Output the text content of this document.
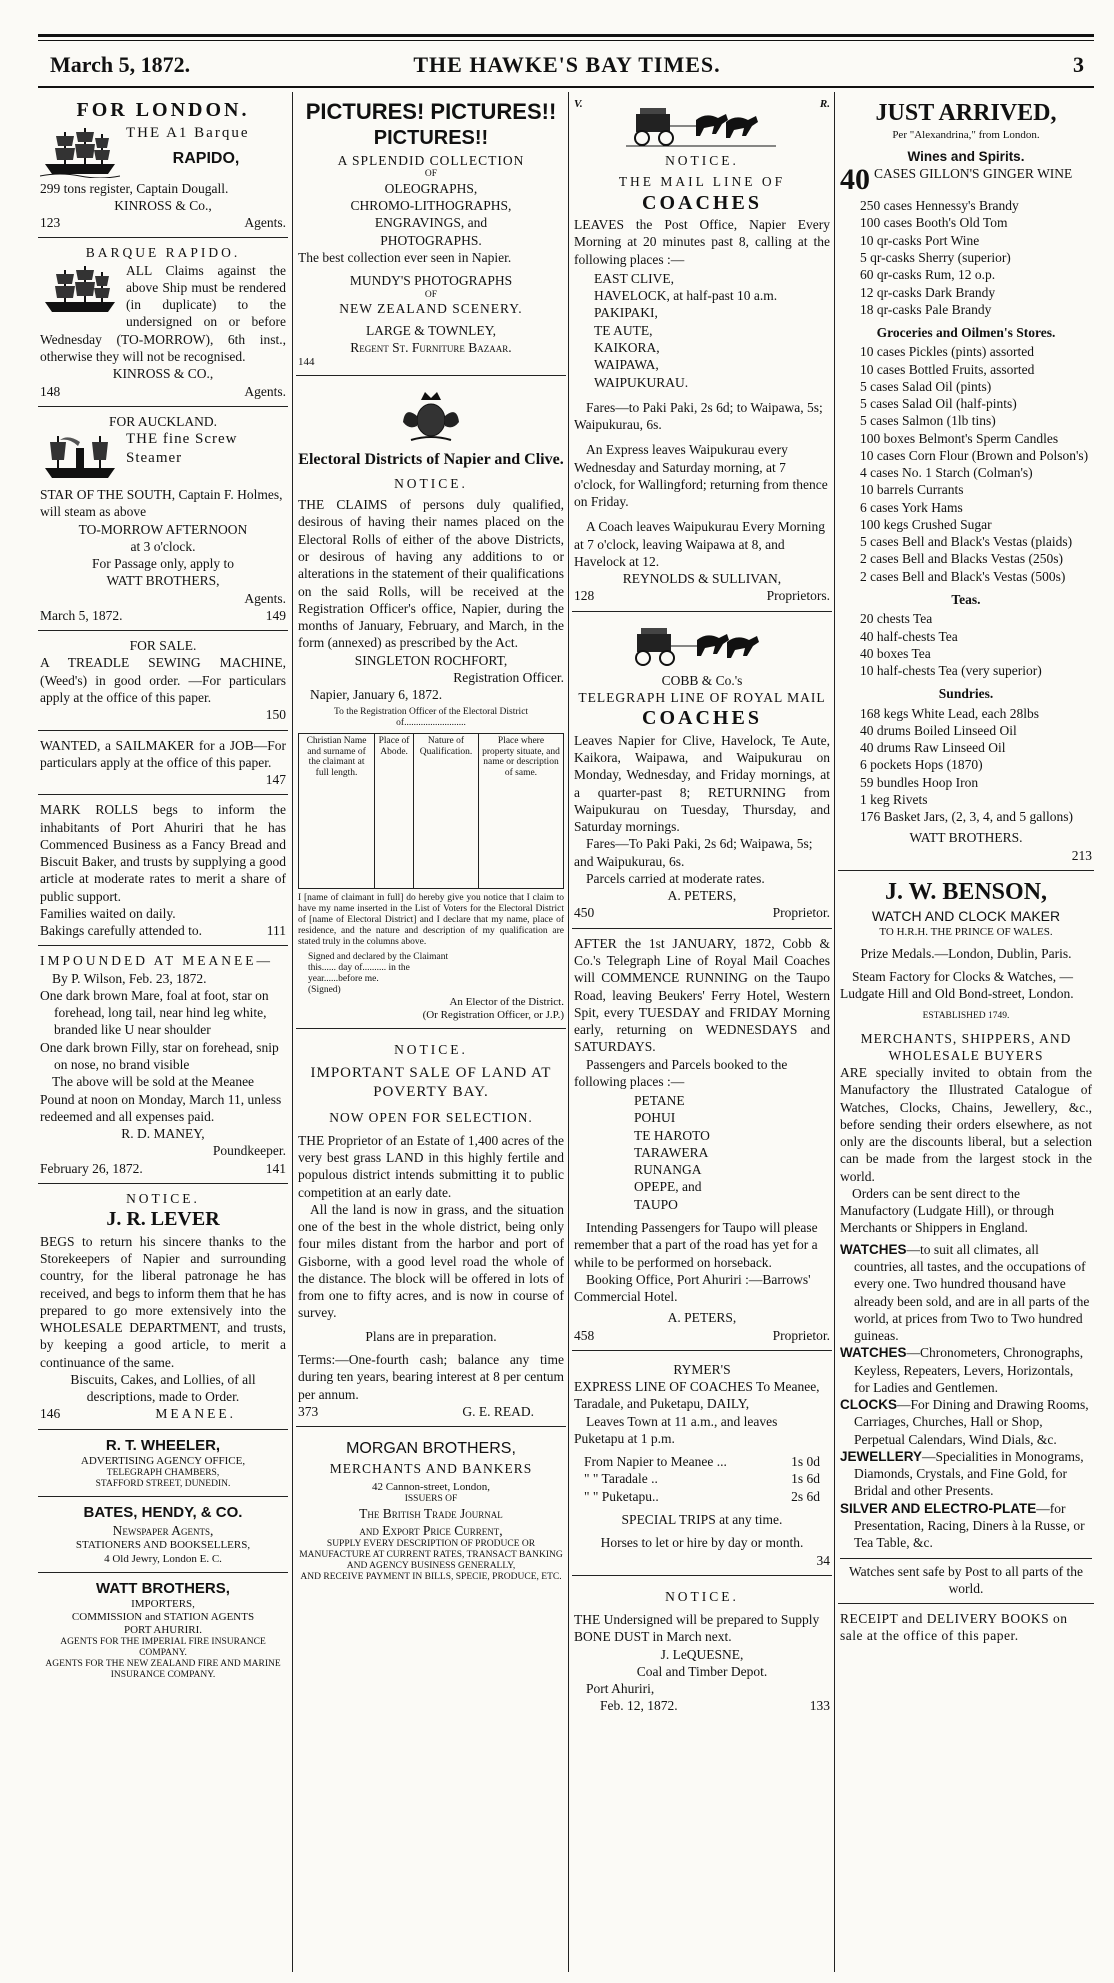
March 5, 1872.	THE HAWKE'S BAY TIMES.	3
FOR LONDON.
THE A1 Barque
RAPIDO,
299 tons register, Captain Dougall.
KINROSS & Co.,
123	Agents.
BARQUE RAPIDO.
ALL Claims against the above Ship must be rendered (in duplicate) to the undersigned on or before Wednesday (TO-MORROW), 6th inst., otherwise they will not be recognised.
KINROSS & CO.,
148	Agents.
FOR AUCKLAND.
THE fine Screw Steamer
STAR OF THE SOUTH, Captain F. Holmes, will steam as above
TO-MORROW AFTERNOON
at 3 o'clock.
For Passage only, apply to
WATT BROTHERS,
Agents.
March 5, 1872.	149
FOR SALE.
A TREADLE SEWING MACHINE, (Weed's) in good order. —For particulars apply at the office of this paper.
150
WANTED, a SAILMAKER for a JOB—For particulars apply at the office of this paper.
147
MARK ROLLS begs to inform the inhabitants of Port Ahuriri that he has Commenced Business as a Fancy Bread and Biscuit Baker, and trusts by supplying a good article at moderate rates to merit a share of public support.
Families waited on daily.
Bakings carefully attended to.	111
IMPOUNDED AT MEANEE—
By P. Wilson, Feb. 23, 1872.
One dark brown Mare, foal at foot, star on forehead, long tail, near hind leg white, branded like U near shoulder
One dark brown Filly, star on forehead, snip on nose, no brand visible
The above will be sold at the Meanee Pound at noon on Monday, March 11, unless redeemed and all expenses paid.
R. D. MANEY,
Poundkeeper.
February 26, 1872.	141
NOTICE.
J. R. LEVER
BEGS to return his sincere thanks to the Storekeepers of Napier and surrounding country, for the liberal patronage he has received, and begs to inform them that he has prepared to go more extensively into the WHOLESALE DEPARTMENT, and trusts, by keeping a good article, to merit a continuance of the same.
Biscuits, Cakes, and Lollies, of all descriptions, made to Order.
146	MEANEE.
R. T. WHEELER,
ADVERTISING AGENCY OFFICE,
TELEGRAPH CHAMBERS,
STAFFORD STREET, DUNEDIN.
BATES, HENDY, & CO.
Newspaper Agents,
STATIONERS AND BOOKSELLERS,
4 Old Jewry, London E. C.
WATT BROTHERS,
IMPORTERS,
COMMISSION and STATION AGENTS
PORT AHURIRI.
AGENTS FOR THE IMPERIAL FIRE INSURANCE COMPANY.
AGENTS FOR THE NEW ZEALAND FIRE AND MARINE INSURANCE COMPANY.
PICTURES! PICTURES!!
PICTURES!!
A SPLENDID COLLECTION
OF
OLEOGRAPHS,
CHROMO-LITHOGRAPHS,
ENGRAVINGS, and
PHOTOGRAPHS.
The best collection ever seen in Napier.
MUNDY'S PHOTOGRAPHS
OF
NEW ZEALAND SCENERY.
LARGE & TOWNLEY,
Regent St. Furniture Bazaar.
144
Electoral Districts of Napier and Clive.
NOTICE.
THE CLAIMS of persons duly qualified, desirous of having their names placed on the Electoral Rolls of either of the above Districts, or desirous of having any additions to or alterations in the statement of their qualifications on the said Rolls, will be received at the Registration Officer's office, Napier, during the months of January, February, and March, in the form (annexed) as prescribed by the Act.
SINGLETON ROCHFORT,
Registration Officer.
Napier, January 6, 1872.
To the Registration Officer of the Electoral District of..........................
Christian Name and surname of the claimant at full length.	Place of Abode.	Nature of Qualification.	Place where property situate, and name or description of same.
I [name of claimant in full] do hereby give you notice that I claim to have my name inserted in the List of Voters for the Electoral District of [name of Electoral District] and I declare that my name, place of residence, and the nature and description of my qualification are stated truly in the columns above.
Signed and declared by the Claimant this...... day of.......... in the year......before me.
(Signed)
An Elector of the District.
(Or Registration Officer, or J.P.)
NOTICE.
IMPORTANT SALE OF LAND AT POVERTY BAY.
NOW OPEN FOR SELECTION.
THE Proprietor of an Estate of 1,400 acres of the very best grass LAND in this highly fertile and populous district intends submitting it to public competition at an early date.
All the land is now in grass, and the situation one of the best in the whole district, being only four miles distant from the harbor and port of Gisborne, with a good level road the whole of the distance. The block will be offered in lots of from one to fifty acres, and is now in course of survey.
Plans are in preparation.
Terms:—One-fourth cash; balance any time during ten years, bearing interest at 8 per centum per annum.
373	G. E. READ.
MORGAN BROTHERS,
MERCHANTS AND BANKERS
42 Cannon-street, London,
ISSUERS OF
The British Trade Journal
and Export Price Current,
SUPPLY EVERY DESCRIPTION OF PRODUCE OR MANUFACTURE AT CURRENT RATES, TRANSACT BANKING AND AGENCY BUSINESS GENERALLY,
AND RECEIVE PAYMENT IN BILLS, SPECIE, PRODUCE, ETC.
V.	R.
NOTICE.
THE MAIL LINE OF
COACHES
LEAVES the Post Office, Napier Every Morning at 20 minutes past 8, calling at the following places :—
EAST CLIVE,
HAVELOCK, at half-past 10 a.m.
PAKIPAKI,
TE AUTE,
KAIKORA,
WAIPAWA,
WAIPUKURAU.
Fares—to Paki Paki, 2s 6d; to Waipawa, 5s; Waipukurau, 6s.
An Express leaves Waipukurau every Wednesday and Saturday morning, at 7 o'clock, for Wallingford; returning from thence on Friday.
A Coach leaves Waipukurau Every Morning at 7 o'clock, leaving Waipawa at 8, and Havelock at 12.
REYNOLDS & SULLIVAN,
128	Proprietors.
COBB & Co.'s
TELEGRAPH LINE OF ROYAL MAIL
COACHES
Leaves Napier for Clive, Havelock, Te Aute, Kaikora, Waipawa, and Waipukurau on Monday, Wednesday, and Friday mornings, at a quarter-past 8; RETURNING from Waipukurau on Tuesday, Thursday, and Saturday mornings.
Fares—To Paki Paki, 2s 6d; Waipawa, 5s; and Waipukurau, 6s.
Parcels carried at moderate rates.
A. PETERS,
450	Proprietor.
AFTER the 1st JANUARY, 1872, Cobb & Co.'s Telegraph Line of Royal Mail Coaches will COMMENCE RUNNING on the Taupo Road, leaving Beukers' Ferry Hotel, Western Spit, every TUESDAY and FRIDAY Morning early, returning on WEDNESDAYS and SATURDAYS.
Passengers and Parcels booked to the following places :—
PETANE
POHUI
TE HAROTO
TARAWERA
RUNANGA
OPEPE, and
TAUPO
Intending Passengers for Taupo will please remember that a part of the road has yet for a while to be performed on horseback.
Booking Office, Port Ahuriri :—Barrows' Commercial Hotel.
A. PETERS,
458	Proprietor.
RYMER'S
EXPRESS LINE OF COACHES To Meanee, Taradale, and Puketapu, DAILY,
Leaves Town at 11 a.m., and leaves Puketapu at 1 p.m.
From Napier to Meanee ...	1s 0d
" " Taradale ..	1s 6d
" " Puketapu..	2s 6d
SPECIAL TRIPS at any time.
Horses to let or hire by day or month.
34
NOTICE.
THE Undersigned will be prepared to Supply BONE DUST in March next.
J. LeQUESNE,
Coal and Timber Depot.
Port Ahuriri,
Feb. 12, 1872.	133
JUST ARRIVED,
Per "Alexandrina," from London.
Wines and Spirits.
40 CASES GILLON'S GINGER WINE
250 cases Hennessy's Brandy
100 cases Booth's Old Tom
10 qr-casks Port Wine
5 qr-casks Sherry (superior)
60 qr-casks Rum, 12 o.p.
12 qr-casks Dark Brandy
18 qr-casks Pale Brandy
Groceries and Oilmen's Stores.
10 cases Pickles (pints) assorted
10 cases Bottled Fruits, assorted
5 cases Salad Oil (pints)
5 cases Salad Oil (half-pints)
5 cases Salmon (1lb tins)
100 boxes Belmont's Sperm Candles
10 cases Corn Flour (Brown and Polson's)
4 cases No. 1 Starch (Colman's)
10 barrels Currants
6 cases York Hams
100 kegs Crushed Sugar
5 cases Bell and Black's Vestas (plaids)
2 cases Bell and Blacks Vestas (250s)
2 cases Bell and Black's Vestas (500s)
Teas.
20 chests Tea
40 half-chests Tea
40 boxes Tea
10 half-chests Tea (very superior)
Sundries.
168 kegs White Lead, each 28lbs
40 drums Boiled Linseed Oil
40 drums Raw Linseed Oil
6 pockets Hops (1870)
59 bundles Hoop Iron
1 keg Rivets
176 Basket Jars, (2, 3, 4, and 5 gallons)
WATT BROTHERS.
213
J. W. BENSON,
WATCH AND CLOCK MAKER
TO H.R.H. THE PRINCE OF WALES.
Prize Medals.—London, Dublin, Paris.
Steam Factory for Clocks & Watches, —Ludgate Hill and Old Bond-street, London.
ESTABLISHED 1749.
MERCHANTS, SHIPPERS, AND WHOLESALE BUYERS
ARE specially invited to obtain from the Manufactory the Illustrated Catalogue of Watches, Clocks, Chains, Jewellery, &c., before sending their orders elsewhere, as not only are the discounts liberal, but a selection can be made from the largest stock in the world.
Orders can be sent direct to the Manufactory (Ludgate Hill), or through Merchants or Shippers in England.
WATCHES—to suit all climates, all countries, all tastes, and the occupations of every one. Two hundred thousand have already been sold, and are in all parts of the world, at prices from Two to Two hundred guineas.
WATCHES—Chronometers, Chronographs, Keyless, Repeaters, Levers, Horizontals, for Ladies and Gentlemen.
CLOCKS—For Dining and Drawing Rooms, Carriages, Churches, Hall or Shop, Perpetual Calendars, Wind Dials, &c.
JEWELLERY—Specialities in Monograms, Diamonds, Crystals, and Fine Gold, for Bridal and other Presents.
SILVER AND ELECTRO-PLATE—for Presentation, Racing, Diners à la Russe, or Tea Table, &c.
Watches sent safe by Post to all parts of the world.
RECEIPT and DELIVERY BOOKS on sale at the office of this paper.
